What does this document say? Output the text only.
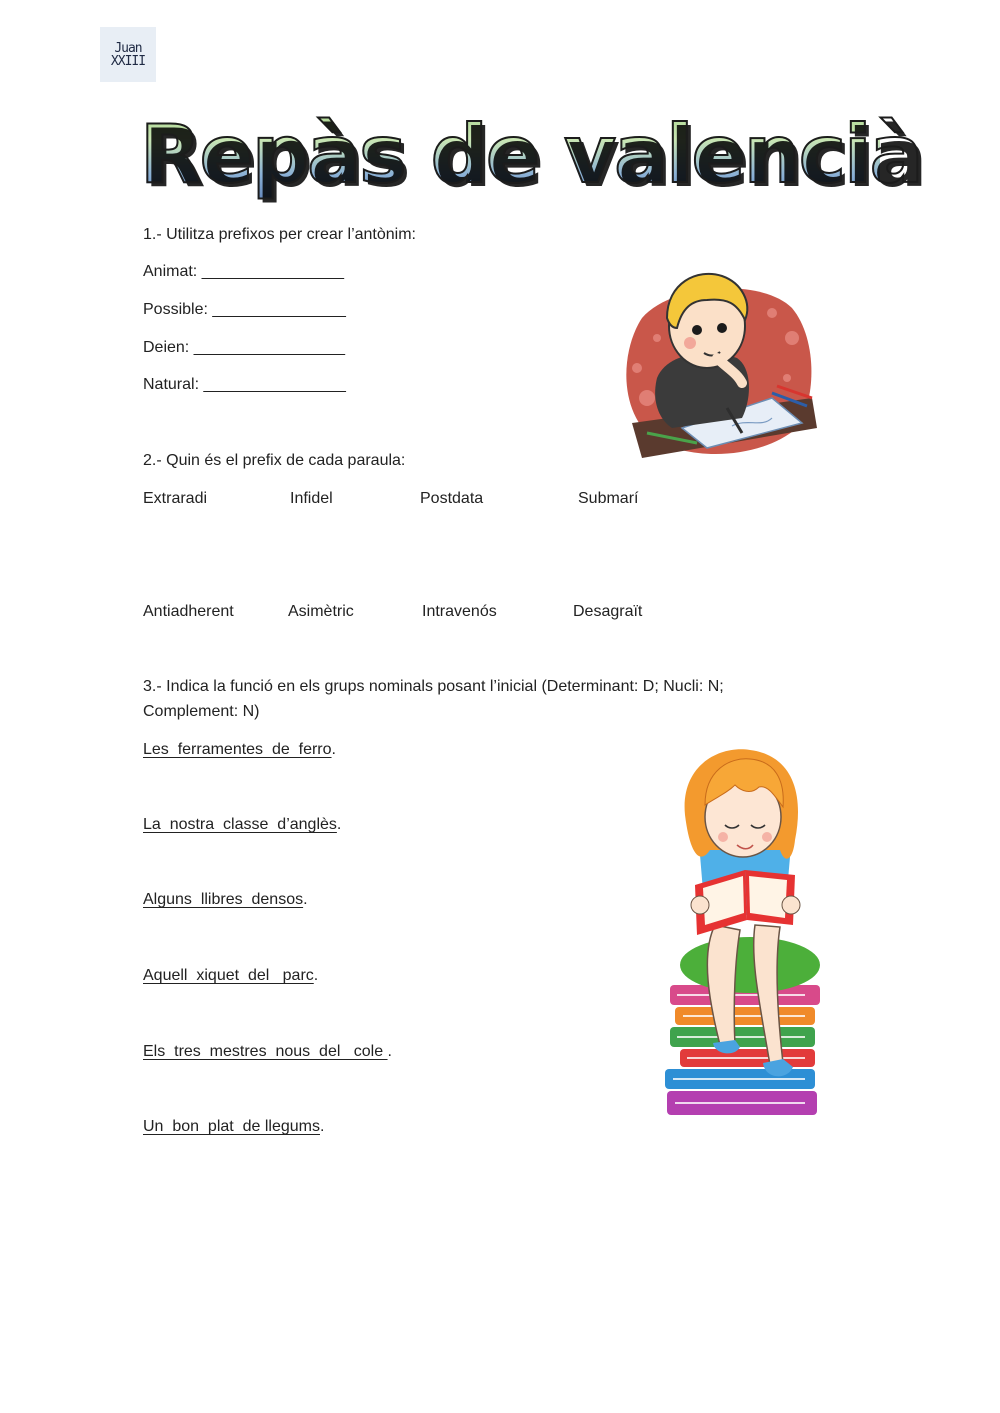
Juan
XXIII
Repàs de valencià
1.- Utilitza prefixos per crear l’antònim:
Animat: ________________
Possible: _______________
Deien: _________________
Natural: ________________
2.- Quin és el prefix de cada paraula:
Extraradi	Infidel	Postdata	Submarí
Antiadherent	Asimètric	Intravenós	Desagraït
3.- Indica la funció en els grups nominals posant l’inicial (Determinant: D; Nucli: N;
Complement: N)
Les  ferramentes  de  ferro.
La  nostra  classe  d’anglès.
Alguns  llibres  densos.
Aquell  xiquet  del   parc.
Els  tres  mestres  nous  del   cole .
Un  bon  plat  de llegums.
